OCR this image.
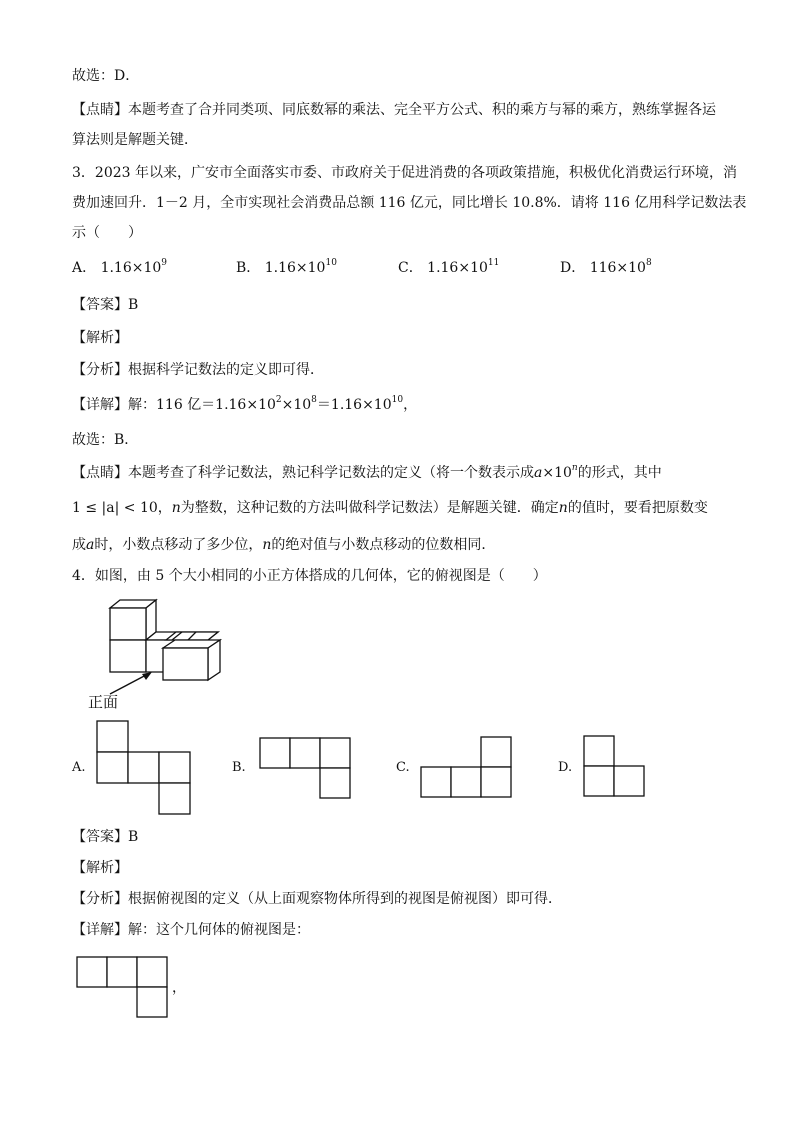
故选：D．
【点睛】本题考查了合并同类项、同底数幂的乘法、完全平方公式、积的乘方与幂的乘方，熟练掌握各运
算法则是解题关键．
3．2023 年以来，广安市全面落实市委、市政府关于促进消费的各项政策措施，积极优化消费运行环境，消
费加速回升．1－2 月，全市实现社会消费品总额 116 亿元，同比增长 10.8%．请将 116 亿用科学记数法表
示（　　）
A． $1.16\times 10^9$	B． $1.16\times 10^{10}$	C． $1.16\times 10^{11}$	D． $116\times 10^8$
【答案】B
【解析】
【分析】根据科学记数法的定义即可得．
【详解】解：116 亿$=1.16\times 10^2\times 10^8=1.16\times 10^{10}$，
故选：B．
【点睛】本题考查了科学记数法，熟记科学记数法的定义（将一个数表示成$a\times 10^n$的形式，其中
1 ≤ |a| < 10，n为整数，这种记数的方法叫做科学记数法）是解题关键．确定n的值时，要看把原数变
成a时，小数点移动了多少位，n的绝对值与小数点移动的位数相同．
4．如图，由 5 个大小相同的小正方体搭成的几何体，它的俯视图是（　　）
正面
A.	B.	C.	D.
【答案】B
【解析】
【分析】根据俯视图的定义（从上面观察物体所得到的视图是俯视图）即可得．
【详解】解：这个几何体的俯视图是：
，
